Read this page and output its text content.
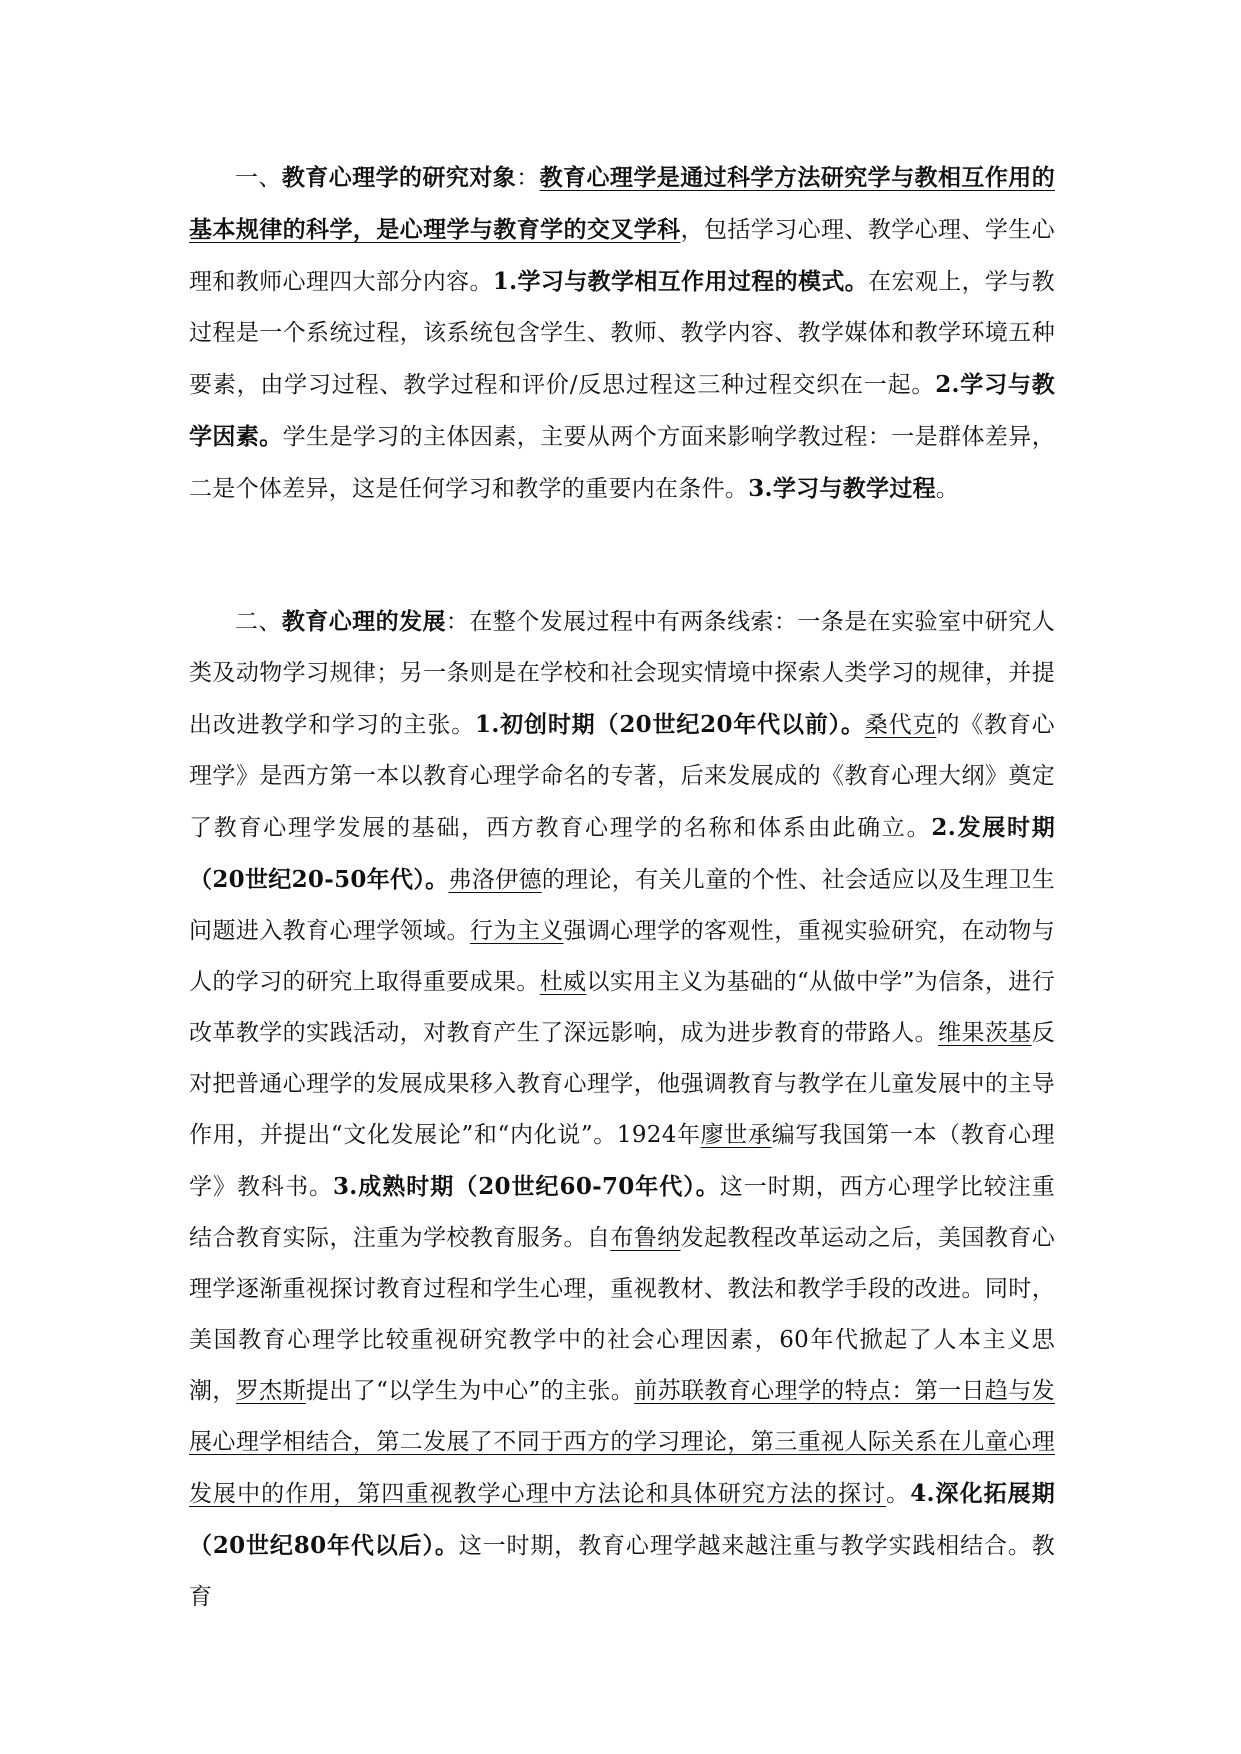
一、教育心理学的研究对象：教育心理学是通过科学方法研究学与教相互作用的基本规律的科学，是心理学与教育学的交叉学科，包括学习心理、教学心理、学生心理和教师心理四大部分内容。1.学习与教学相互作用过程的模式。在宏观上，学与教过程是一个系统过程，该系统包含学生、教师、教学内容、教学媒体和教学环境五种要素，由学习过程、教学过程和评价/反思过程这三种过程交织在一起。2.学习与教学因素。学生是学习的主体因素，主要从两个方面来影响学教过程：一是群体差异，二是个体差异，这是任何学习和教学的重要内在条件。3.学习与教学过程。

二、教育心理的发展：在整个发展过程中有两条线索：一条是在实验室中研究人类及动物学习规律；另一条则是在学校和社会现实情境中探索人类学习的规律，并提出改进教学和学习的主张。1.初创时期（20世纪20年代以前）。桑代克的《教育心理学》是西方第一本以教育心理学命名的专著，后来发展成的《教育心理大纲》奠定了教育心理学发展的基础，西方教育心理学的名称和体系由此确立。2.发展时期（20世纪20-50年代）。弗洛伊德的理论，有关儿童的个性、社会适应以及生理卫生问题进入教育心理学领域。行为主义强调心理学的客观性，重视实验研究，在动物与人的学习的研究上取得重要成果。杜威以实用主义为基础的“从做中学”为信条，进行改革教学的实践活动，对教育产生了深远影响，成为进步教育的带路人。维果茨基反对把普通心理学的发展成果移入教育心理学，他强调教育与教学在儿童发展中的主导作用，并提出“文化发展论”和“内化说”。1924年廖世承编写我国第一本（教育心理学》教科书。3.成熟时期（20世纪60-70年代）。这一时期，西方心理学比较注重结合教育实际，注重为学校教育服务。自布鲁纳发起教程改革运动之后，美国教育心理学逐渐重视探讨教育过程和学生心理，重视教材、教法和教学手段的改进。同时，美国教育心理学比较重视研究教学中的社会心理因素，60年代掀起了人本主义思潮，罗杰斯提出了“以学生为中心”的主张。前苏联教育心理学的特点：第一日趋与发展心理学相结合，第二发展了不同于西方的学习理论，第三重视人际关系在儿童心理发展中的作用，第四重视教学心理中方法论和具体研究方法的探讨。4.深化拓展期（20世纪80年代以后）。这一时期，教育心理学越来越注重与教学实践相结合。教育
